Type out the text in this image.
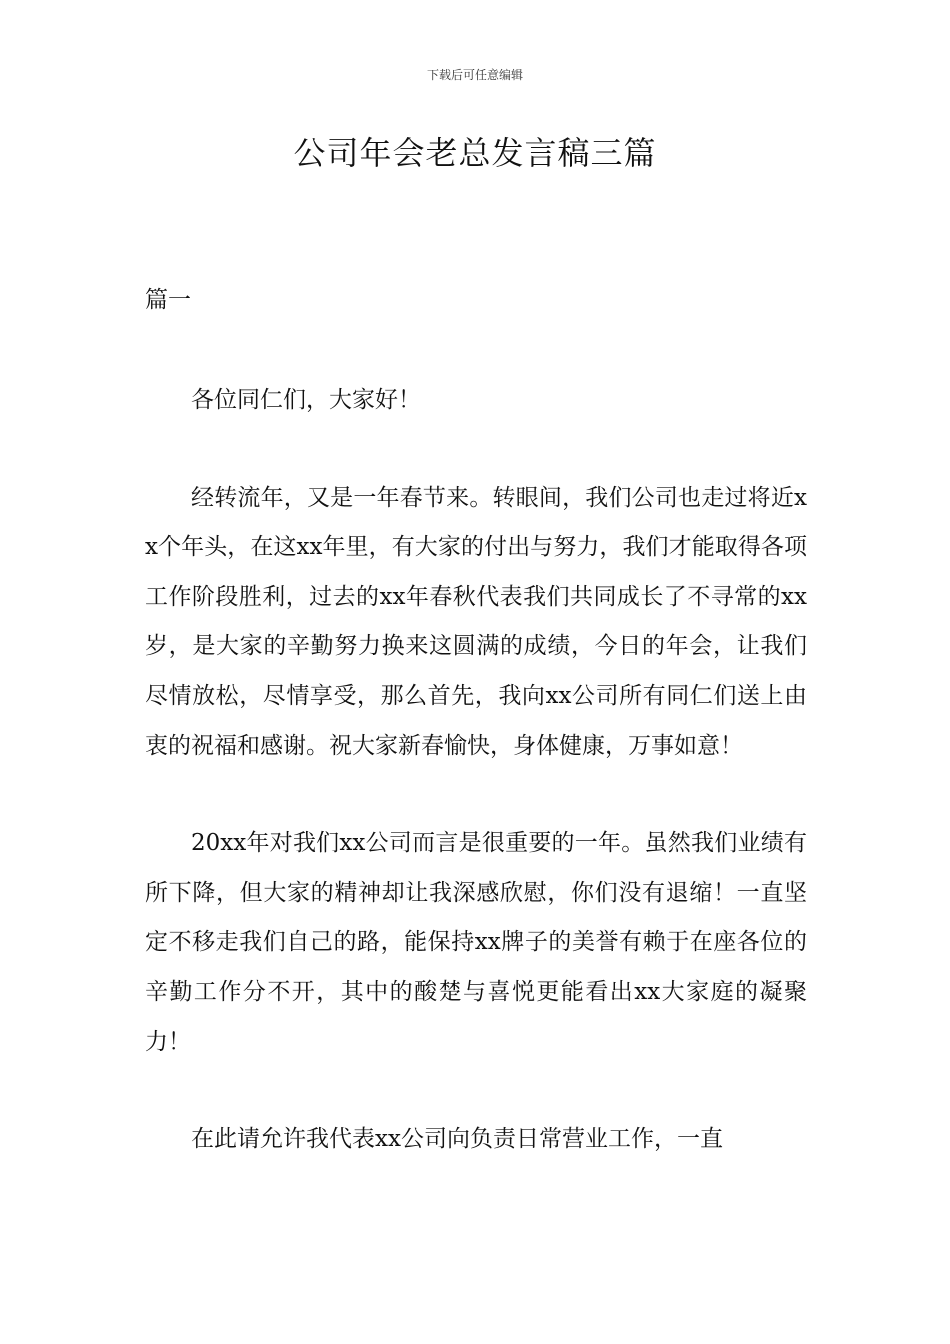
下载后可任意编辑
公司年会老总发言稿三篇
篇一

各位同仁们，大家好！

经转流年，又是一年春节来。转眼间，我们公司也走过将近xx个年头，在这xx年里，有大家的付出与努力，我们才能取得各项工作阶段胜利，过去的xx年春秋代表我们共同成长了不寻常的xx岁，是大家的辛勤努力换来这圆满的成绩，今日的年会，让我们尽情放松，尽情享受，那么首先，我向xx公司所有同仁们送上由衷的祝福和感谢。祝大家新春愉快，身体健康，万事如意！

20xx年对我们xx公司而言是很重要的一年。虽然我们业绩有所下降，但大家的精神却让我深感欣慰，你们没有退缩！一直坚定不移走我们自己的路，能保持xx牌子的美誉有赖于在座各位的辛勤工作分不开，其中的酸楚与喜悦更能看出xx大家庭的凝聚力！

在此请允许我代表xx公司向负责日常营业工作，一直
